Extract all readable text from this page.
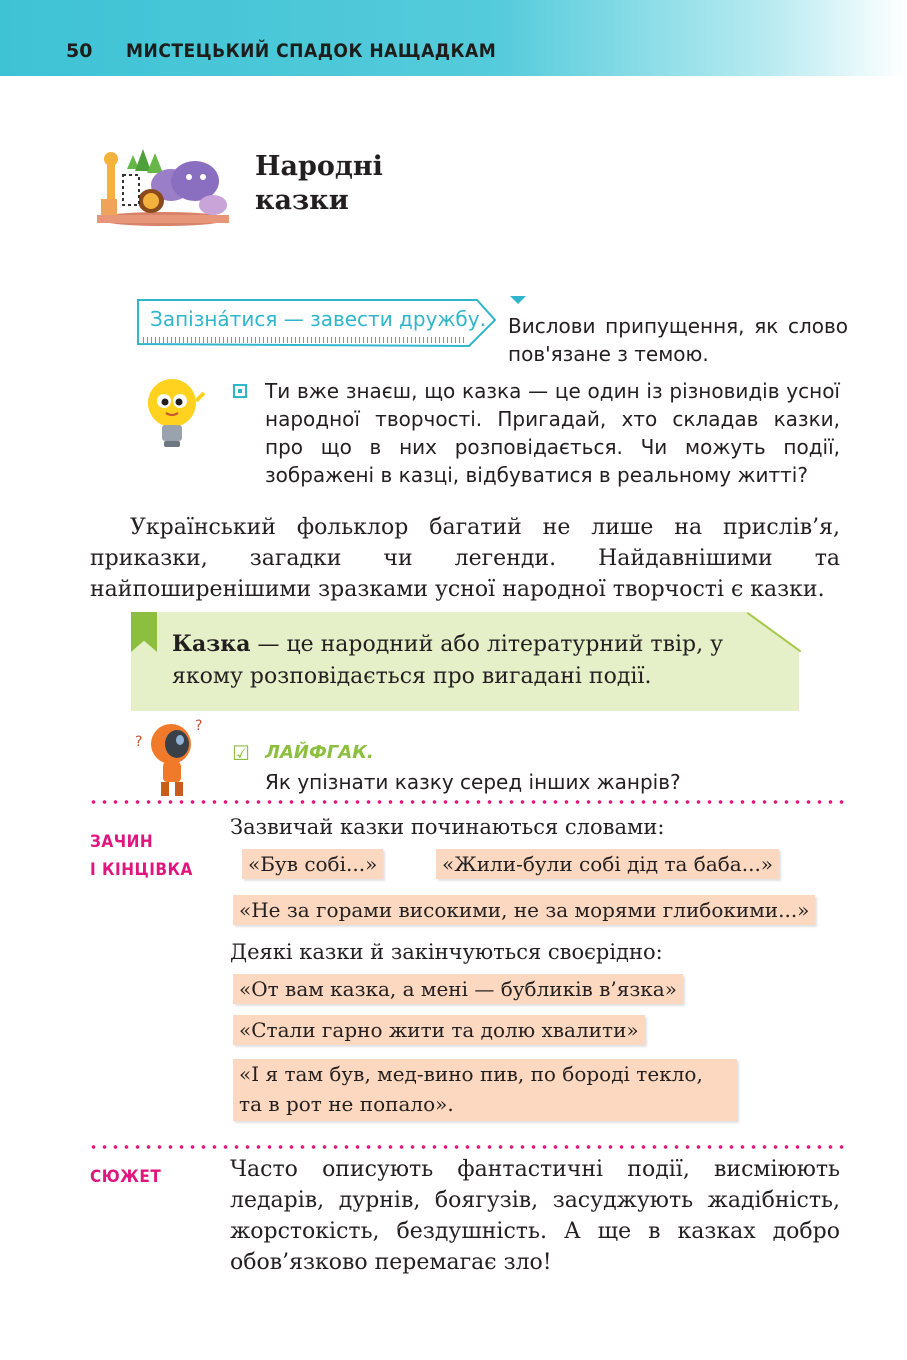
50 МИСТЕЦЬКИЙ СПАДОК НАЩАДКАМ
Народні
казки
Запізна́тися — завести дружбу. Вислови припущення, як слово пов'язане з темою.
Ти вже знаєш, що казка — це один із різновидів усної народної творчості. Пригадай, хто складав казки, про що в них розповідається. Чи можуть події, зображені в казці, відбуватися в реальному житті?
Український фольклор багатий не лише на прислів’я, приказки, загадки чи легенди. Найдавнішими та найпоширенішими зразками усної народної творчості є казки.
Казка — це народний або літературний твір, у якому розповідається про вигадані події.
?
?
☑ ЛАЙФГАК.
Як упізнати казку серед інших жанрів?
ЗАЧИН
І КІНЦІВКА
Зазвичай казки починаються словами:
«Був собі...»	«Жили-були собі дід та баба...»
«Не за горами високими, не за морями глибокими...»
Деякі казки й закінчуються своєрідно:
«От вам казка, а мені — бубликів в’язка»
«Стали гарно жити та долю хвалити»
«І я там був, мед-вино пив, по бороді текло,
та в рот не попало».
СЮЖЕТ	Часто описують фантастичні події, висміюють ледарів, дурнів, боягузів, засуджують жадібність, жорстокість, бездушність. А ще в казках добро обов’язково перемагає зло!
